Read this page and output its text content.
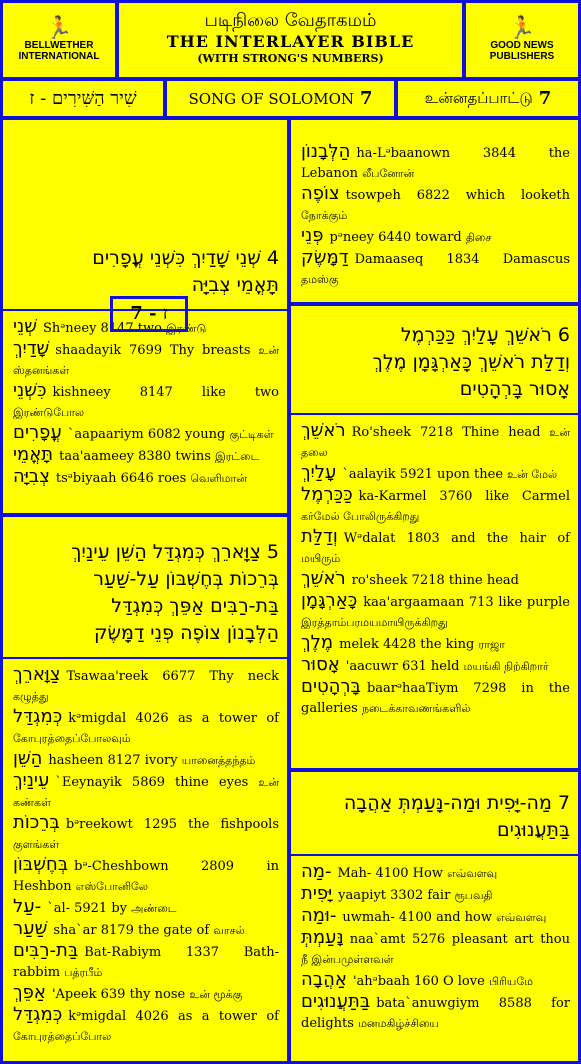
🏃
BELLWETHER INTERNATIONAL
படிநிலை வேதாகமம்
THE INTERLAYER BIBLE
(WITH STRONG'S NUMBERS)
🏃
GOOD NEWS PUBLISHERS
שִׁיר הַשִּׁירִים - ז	SONG OF SOLOMON 7	உன்னதப்பாட்டு 7
7 - ז
4 שְׁנֵי שָׁדַיִךְ כִּשְׁנֵי עֳפָרִים
תָּאֳמֵי צְבִיָּה
שְׁנֵי Shᵊneey 8147 two இரண்டு
שָׁדַיִךְ shaadayik 7699 Thy breasts உன் ஸ்தனங்கள்
כִּשְׁנֵי kishneey 8147 like two இரண்டுபோல
עֳפָרִים `aapaariym 6082 young குட்டிகள்
תָּאֳמֵי taa'aameey 8380 twins இரட்டை
צְבִיָּה tsᵊbiyaah 6646 roes வெளிமான்
5 צַוָּארֵךְ כְּמִגְדַּל הַשֵּׁן עֵינַיִךְ
בְּרֵכוֹת בְּחֶשְׁבּוֹן עַל-שַׁעַר
בַּת-רַבִּים אַפֵּךְ כְּמִגְדַּל
הַלְּבָנוֹן צוֹפֶה פְּנֵי דַמָּשֶׂק
צַוָּארֵךְ Tsawaa'reek 6677 Thy neck கழுத்து
כְּמִגְדַּל kᵊmigdal 4026 as a tower of கோபுரத்தைப்போலவும்
הַשֵּׁן hasheen 8127 ivory யானைத்தந்தம்
עֵינַיִךְ `Eeynayik 5869 thine eyes உன் கண்கள்
בְּרֵכוֹת bᵊreekowt 1295 the fishpools குளங்கள்
בְּחֶשְׁבּוֹן bᵊ-Cheshbown 2809 in Heshbon எஸ்போனிலே
עַל- `al- 5921 by அண்டை
שַׁעַר sha`ar 8179 the gate of வாசல்
בַּת-רַבִּים Bat-Rabiym 1337 Bath-rabbim பத்ரபீம்
אַפֵּךְ 'Apeek 639 thy nose உன் மூக்கு
כְּמִגְדַּל kᵊmigdal 4026 as a tower of கோபுரத்தைப்போல
הַלְּבָנוֹן ha-Lᵊbaanown 3844 the Lebanon லீபனோன்
צוֹפֶה tsowpeh 6822 which looketh நோக்கும்
פְּנֵי pᵊneey 6440 toward திசை
דַמָּשֶׂק Damaaseq 1834 Damascus தமஸ்கு
6 רֹאשֵׁךְ עָלַיִךְ כַּכַּרְמֶל
וְדַלַּת רֹאשֵׁךְ כָּאַרְגָּמָן מֶלֶךְ
אָסוּר בָּרְהָטִים
רֹאשֵׁךְ Ro'sheek 7218 Thine head உன் தலை
עָלַיִךְ `aalayik 5921 upon thee உன் மேல்
כַּכַּרְמֶל ka-Karmel 3760 like Carmel கர்மேல் போலிருக்கிறது
וְדַלַּת Wᵊdalat 1803 and the hair of மயிரும்
רֹאשֵׁךְ ro'sheek 7218 thine head
כָּאַרְגָּמָן kaa'argaamaan 713 like purple இரத்தாம்பரமயமாயிருக்கிறது
מֶלֶךְ melek 4428 the king ராஜா
אָסוּר 'aacuwr 631 held மயங்கி நிற்கிறார்
בָּרְהָטִים baarᵊhaaTiym 7298 in the galleries நடைக்காவணங்களில்
7 מַה-יָּפִית וּמַה-נָּעַמְתְּ אַהֲבָה
בַּתַּעֲנוּגִים
מַה- Mah- 4100 How எவ்வளவு
יָּפִית yaapiyt 3302 fair ரூபவதி
וּמַה- uwmah- 4100 and how எவ்வளவு
נָּעַמְתְּ naa`amt 5276 pleasant art thou நீ இன்பமுள்ளவள்
אַהֲבָה 'ahᵊbaah 160 O love பிரியமே
בַּתַּעֲנוּגִים bata`anuwgiym 8588 for delights மனமகிழ்ச்சியை
